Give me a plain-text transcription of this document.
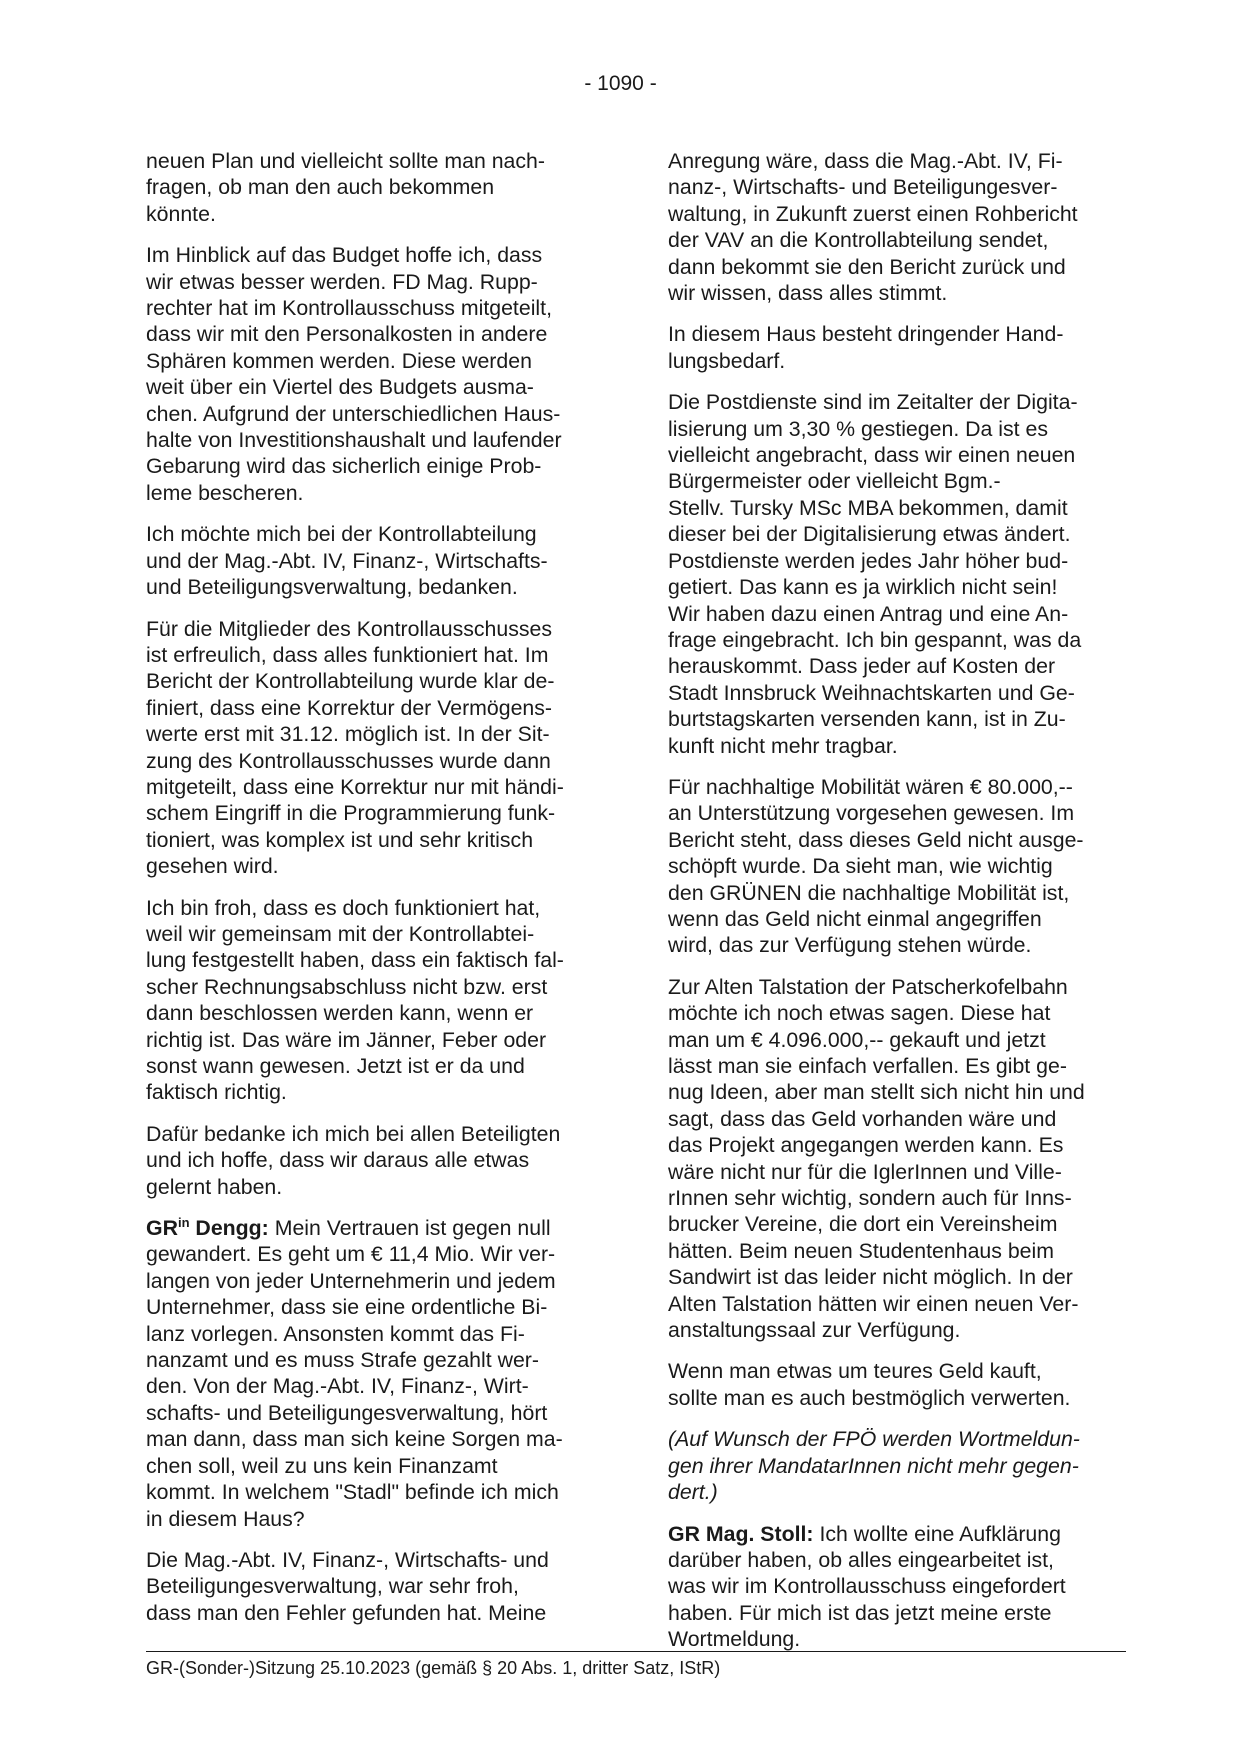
- 1090 -

neuen Plan und vielleicht sollte man nach-
fragen, ob man den auch bekommen
könnte.

Im Hinblick auf das Budget hoffe ich, dass
wir etwas besser werden. FD Mag. Rupp-
rechter hat im Kontrollausschuss mitgeteilt,
dass wir mit den Personalkosten in andere
Sphären kommen werden. Diese werden
weit über ein Viertel des Budgets ausma-
chen. Aufgrund der unterschiedlichen Haus-
halte von Investitionshaushalt und laufender
Gebarung wird das sicherlich einige Prob-
leme bescheren.

Ich möchte mich bei der Kontrollabteilung
und der Mag.-Abt. IV, Finanz-, Wirtschafts-
und Beteiligungsverwaltung, bedanken.

Für die Mitglieder des Kontrollausschusses
ist erfreulich, dass alles funktioniert hat. Im
Bericht der Kontrollabteilung wurde klar de-
finiert, dass eine Korrektur der Vermögens-
werte erst mit 31.12. möglich ist. In der Sit-
zung des Kontrollausschusses wurde dann
mitgeteilt, dass eine Korrektur nur mit händi-
schem Eingriff in die Programmierung funk-
tioniert, was komplex ist und sehr kritisch
gesehen wird.

Ich bin froh, dass es doch funktioniert hat,
weil wir gemeinsam mit der Kontrollabtei-
lung festgestellt haben, dass ein faktisch fal-
scher Rechnungsabschluss nicht bzw. erst
dann beschlossen werden kann, wenn er
richtig ist. Das wäre im Jänner, Feber oder
sonst wann gewesen. Jetzt ist er da und
faktisch richtig.

Dafür bedanke ich mich bei allen Beteiligten
und ich hoffe, dass wir daraus alle etwas
gelernt haben.

$GR^{in}$ Dengg: Mein Vertrauen ist gegen null
gewandert. Es geht um € 11,4 Mio. Wir ver-
langen von jeder Unternehmerin und jedem
Unternehmer, dass sie eine ordentliche Bi-
lanz vorlegen. Ansonsten kommt das Fi-
nanzamt und es muss Strafe gezahlt wer-
den. Von der Mag.-Abt. IV, Finanz-, Wirt-
schafts- und Beteiligungesverwaltung, hört
man dann, dass man sich keine Sorgen ma-
chen soll, weil zu uns kein Finanzamt
kommt. In welchem "Stadl" befinde ich mich
in diesem Haus?

Die Mag.-Abt. IV, Finanz-, Wirtschafts- und
Beteiligungesverwaltung, war sehr froh,
dass man den Fehler gefunden hat. Meine

Anregung wäre, dass die Mag.-Abt. IV, Fi-
nanz-, Wirtschafts- und Beteiligungesver-
waltung, in Zukunft zuerst einen Rohbericht
der VAV an die Kontrollabteilung sendet,
dann bekommt sie den Bericht zurück und
wir wissen, dass alles stimmt.

In diesem Haus besteht dringender Hand-
lungsbedarf.

Die Postdienste sind im Zeitalter der Digita-
lisierung um 3,30 % gestiegen. Da ist es
vielleicht angebracht, dass wir einen neuen
Bürgermeister oder vielleicht Bgm.-
Stellv. Tursky MSc MBA bekommen, damit
dieser bei der Digitalisierung etwas ändert.
Postdienste werden jedes Jahr höher bud-
getiert. Das kann es ja wirklich nicht sein!
Wir haben dazu einen Antrag und eine An-
frage eingebracht. Ich bin gespannt, was da
herauskommt. Dass jeder auf Kosten der
Stadt Innsbruck Weihnachtskarten und Ge-
burtstagskarten versenden kann, ist in Zu-
kunft nicht mehr tragbar.

Für nachhaltige Mobilität wären € 80.000,--
an Unterstützung vorgesehen gewesen. Im
Bericht steht, dass dieses Geld nicht ausge-
schöpft wurde. Da sieht man, wie wichtig
den GRÜNEN die nachhaltige Mobilität ist,
wenn das Geld nicht einmal angegriffen
wird, das zur Verfügung stehen würde.

Zur Alten Talstation der Patscherkofelbahn
möchte ich noch etwas sagen. Diese hat
man um € 4.096.000,-- gekauft und jetzt
lässt man sie einfach verfallen. Es gibt ge-
nug Ideen, aber man stellt sich nicht hin und
sagt, dass das Geld vorhanden wäre und
das Projekt angegangen werden kann. Es
wäre nicht nur für die IglerInnen und Ville-
rInnen sehr wichtig, sondern auch für Inns-
brucker Vereine, die dort ein Vereinsheim
hätten. Beim neuen Studentenhaus beim
Sandwirt ist das leider nicht möglich. In der
Alten Talstation hätten wir einen neuen Ver-
anstaltungssaal zur Verfügung.

Wenn man etwas um teures Geld kauft,
sollte man es auch bestmöglich verwerten.

(Auf Wunsch der FPÖ werden Wortmeldun-
gen ihrer MandatarInnen nicht mehr gegen-
dert.)

GR Mag. Stoll: Ich wollte eine Aufklärung
darüber haben, ob alles eingearbeitet ist,
was wir im Kontrollausschuss eingefordert
haben. Für mich ist das jetzt meine erste
Wortmeldung.

GR-(Sonder-)Sitzung 25.10.2023 (gemäß § 20 Abs. 1, dritter Satz, IStR)
